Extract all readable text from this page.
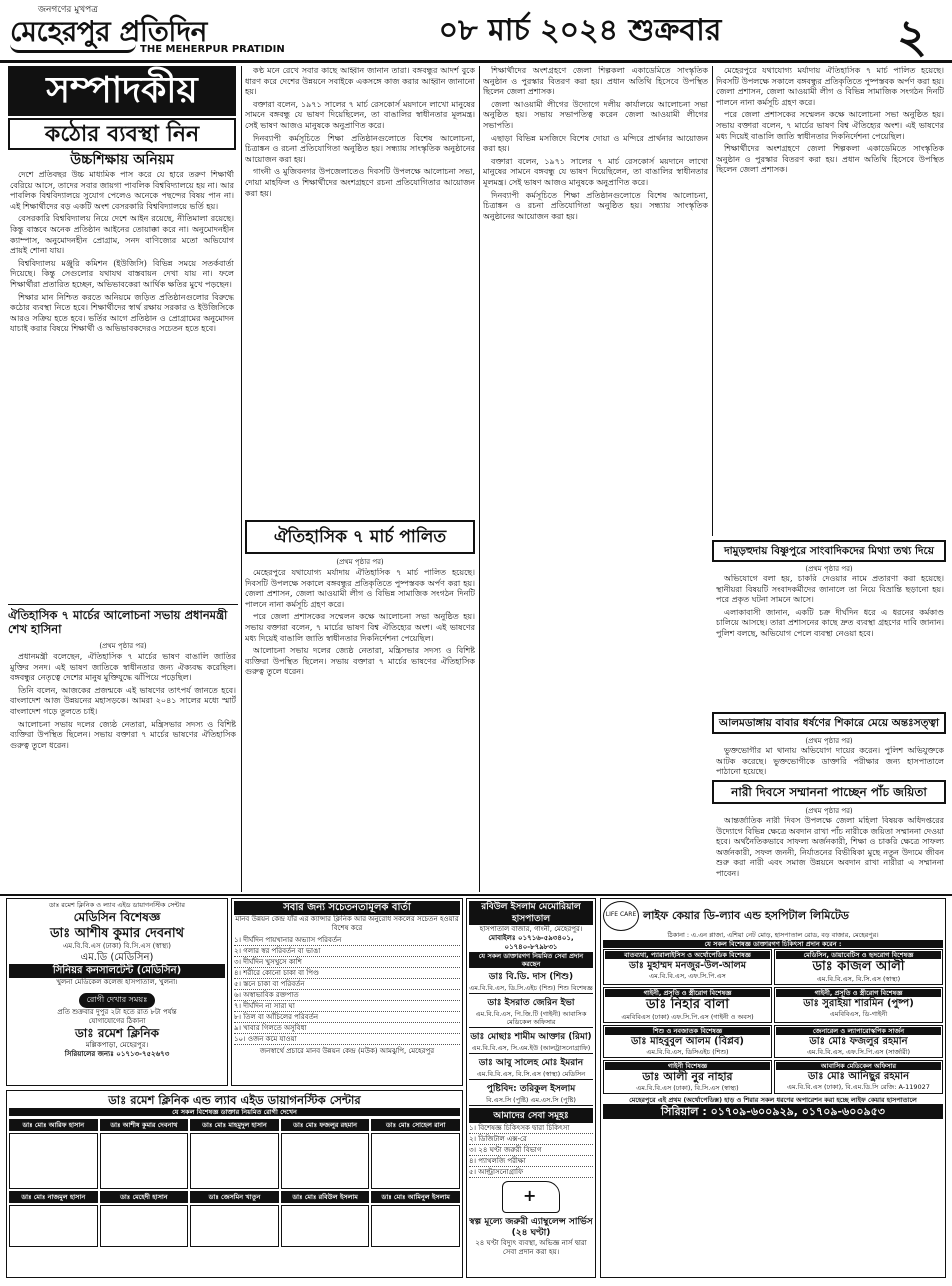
জনগণের মুখপত্র
মেহেরপুর প্রতিদিন
THE MEHERPUR PRATIDIN
০৮ মার্চ ২০২৪ শুক্রবার	২
সম্পাদকীয়
কঠোর ব্যবস্থা নিন
উচ্চশিক্ষায় অনিয়ম

দেশে প্রতিবছর উচ্চ মাধ্যমিক পাস করে যে হারে তরুণ শিক্ষার্থী বেরিয়ে আসে, তাদের সবার জায়গা পাবলিক বিশ্ববিদ্যালয়ে হয় না। আর পাবলিক বিশ্ববিদ্যালয়ে সুযোগ পেলেও অনেকে পছন্দের বিষয় পান না। এই শিক্ষার্থীদের বড় একটি অংশ বেসরকারি বিশ্ববিদ্যালয়ে ভর্তি হয়।

বেসরকারি বিশ্ববিদ্যালয় নিয়ে দেশে আইন রয়েছে, নীতিমালা রয়েছে। কিন্তু বাস্তবে অনেক প্রতিষ্ঠান আইনের তোয়াক্কা করে না। অনুমোদনহীন ক্যাম্পাস, অনুমোদনহীন প্রোগ্রাম, সনদ বাণিজ্যের মতো অভিযোগ প্রায়ই শোনা যায়।

বিশ্ববিদ্যালয় মঞ্জুরি কমিশন (ইউজিসি) বিভিন্ন সময়ে সতর্কবার্তা দিয়েছে। কিন্তু সেগুলোর যথাযথ বাস্তবায়ন দেখা যায় না। ফলে শিক্ষার্থীরা প্রতারিত হচ্ছেন, অভিভাবকেরা আর্থিক ক্ষতির মুখে পড়ছেন।

শিক্ষার মান নিশ্চিত করতে অনিয়মে জড়িত প্রতিষ্ঠানগুলোর বিরুদ্ধে কঠোর ব্যবস্থা নিতে হবে। শিক্ষার্থীদের স্বার্থ রক্ষায় সরকার ও ইউজিসিকে আরও সক্রিয় হতে হবে। ভর্তির আগে প্রতিষ্ঠান ও প্রোগ্রামের অনুমোদন যাচাই করার বিষয়ে শিক্ষার্থী ও অভিভাবকদেরও সচেতন হতে হবে।

ঐতিহাসিক ৭ মার্চের আলোচনা সভায় প্রধানমন্ত্রী শেখ হাসিনা
(প্রথম পৃষ্ঠার পর)

প্রধানমন্ত্রী বলেছেন, ঐতিহাসিক ৭ মার্চের ভাষণ বাঙালি জাতির মুক্তির সনদ। এই ভাষণ জাতিকে স্বাধীনতার জন্য ঐক্যবদ্ধ করেছিল। বঙ্গবন্ধুর নেতৃত্বে দেশের মানুষ মুক্তিযুদ্ধে ঝাঁপিয়ে পড়েছিল।

তিনি বলেন, আজকের প্রজন্মকে এই ভাষণের তাৎপর্য জানতে হবে। বাংলাদেশ আজ উন্নয়নের মহাসড়কে। আমরা ২০৪১ সালের মধ্যে স্মার্ট বাংলাদেশ গড়ে তুলতে চাই।

আলোচনা সভায় দলের জ্যেষ্ঠ নেতারা, মন্ত্রিসভার সদস্য ও বিশিষ্ট ব্যক্তিরা উপস্থিত ছিলেন। সভায় বক্তারা ৭ মার্চের ভাষণের ঐতিহাসিক গুরুত্ব তুলে ধরেন।

কণ্ঠ মনে রেখে সবার কাছে আহ্বান জানান তারা। বঙ্গবন্ধুর আদর্শ বুকে ধারণ করে দেশের উন্নয়নে সবাইকে একসঙ্গে কাজ করার আহ্বান জানানো হয়।

বক্তারা বলেন, ১৯৭১ সালের ৭ মার্চ রেসকোর্স ময়দানে লাখো মানুষের সামনে বঙ্গবন্ধু যে ভাষণ দিয়েছিলেন, তা বাঙালির স্বাধীনতার মূলমন্ত্র। সেই ভাষণ আজও মানুষকে অনুপ্রাণিত করে।

দিনব্যাপী কর্মসূচিতে শিক্ষা প্রতিষ্ঠানগুলোতে বিশেষ আলোচনা, চিত্রাঙ্কন ও রচনা প্রতিযোগিতা অনুষ্ঠিত হয়। সন্ধ্যায় সাংস্কৃতিক অনুষ্ঠানের আয়োজন করা হয়।

গাংনী ও মুজিবনগর উপজেলাতেও দিবসটি উপলক্ষে আলোচনা সভা, দোয়া মাহফিল ও শিক্ষার্থীদের অংশগ্রহণে রচনা প্রতিযোগিতার আয়োজন করা হয়।

ঐতিহাসিক ৭ মার্চ পালিত
(প্রথম পৃষ্ঠার পর)

মেহেরপুরে যথাযোগ্য মর্যাদায় ঐতিহাসিক ৭ মার্চ পালিত হয়েছে। দিবসটি উপলক্ষে সকালে বঙ্গবন্ধুর প্রতিকৃতিতে পুষ্পস্তবক অর্পণ করা হয়। জেলা প্রশাসন, জেলা আওয়ামী লীগ ও বিভিন্ন সামাজিক সংগঠন দিনটি পালনে নানা কর্মসূচি গ্রহণ করে।

পরে জেলা প্রশাসকের সম্মেলন কক্ষে আলোচনা সভা অনুষ্ঠিত হয়। সভায় বক্তারা বলেন, ৭ মার্চের ভাষণ বিশ্ব ঐতিহ্যের অংশ। এই ভাষণের মধ্য দিয়েই বাঙালি জাতি স্বাধীনতার দিকনির্দেশনা পেয়েছিল।

আলোচনা সভায় দলের জ্যেষ্ঠ নেতারা, মন্ত্রিসভার সদস্য ও বিশিষ্ট ব্যক্তিরা উপস্থিত ছিলেন। সভায় বক্তারা ৭ মার্চের ভাষণের ঐতিহাসিক গুরুত্ব তুলে ধরেন।

শিক্ষার্থীদের অংশগ্রহণে জেলা শিল্পকলা একাডেমিতে সাংস্কৃতিক অনুষ্ঠান ও পুরস্কার বিতরণ করা হয়। প্রধান অতিথি হিসেবে উপস্থিত ছিলেন জেলা প্রশাসক।

জেলা আওয়ামী লীগের উদ্যোগে দলীয় কার্যালয়ে আলোচনা সভা অনুষ্ঠিত হয়। সভায় সভাপতিত্ব করেন জেলা আওয়ামী লীগের সভাপতি।

এছাড়া বিভিন্ন মসজিদে বিশেষ দোয়া ও মন্দিরে প্রার্থনার আয়োজন করা হয়।

বক্তারা বলেন, ১৯৭১ সালের ৭ মার্চ রেসকোর্স ময়দানে লাখো মানুষের সামনে বঙ্গবন্ধু যে ভাষণ দিয়েছিলেন, তা বাঙালির স্বাধীনতার মূলমন্ত্র। সেই ভাষণ আজও মানুষকে অনুপ্রাণিত করে।

দিনব্যাপী কর্মসূচিতে শিক্ষা প্রতিষ্ঠানগুলোতে বিশেষ আলোচনা, চিত্রাঙ্কন ও রচনা প্রতিযোগিতা অনুষ্ঠিত হয়। সন্ধ্যায় সাংস্কৃতিক অনুষ্ঠানের আয়োজন করা হয়।

মেহেরপুরে যথাযোগ্য মর্যাদায় ঐতিহাসিক ৭ মার্চ পালিত হয়েছে। দিবসটি উপলক্ষে সকালে বঙ্গবন্ধুর প্রতিকৃতিতে পুষ্পস্তবক অর্পণ করা হয়। জেলা প্রশাসন, জেলা আওয়ামী লীগ ও বিভিন্ন সামাজিক সংগঠন দিনটি পালনে নানা কর্মসূচি গ্রহণ করে।

পরে জেলা প্রশাসকের সম্মেলন কক্ষে আলোচনা সভা অনুষ্ঠিত হয়। সভায় বক্তারা বলেন, ৭ মার্চের ভাষণ বিশ্ব ঐতিহ্যের অংশ। এই ভাষণের মধ্য দিয়েই বাঙালি জাতি স্বাধীনতার দিকনির্দেশনা পেয়েছিল।

শিক্ষার্থীদের অংশগ্রহণে জেলা শিল্পকলা একাডেমিতে সাংস্কৃতিক অনুষ্ঠান ও পুরস্কার বিতরণ করা হয়। প্রধান অতিথি হিসেবে উপস্থিত ছিলেন জেলা প্রশাসক।

দামুড়হুদায় বিষ্ণুপুরে সাংবাদিকদের মিথ্যা তথ্য দিয়ে
(প্রথম পৃষ্ঠার পর)

অভিযোগে বলা হয়, চাকরি দেওয়ার নামে প্রতারণা করা হয়েছে। স্থানীয়রা বিষয়টি সংবাদকর্মীদের জানালে তা নিয়ে বিভ্রান্তি ছড়ানো হয়। পরে প্রকৃত ঘটনা সামনে আসে।

এলাকাবাসী জানান, একটি চক্র দীর্ঘদিন ধরে এ ধরনের কর্মকাণ্ড চালিয়ে আসছে। তারা প্রশাসনের কাছে দ্রুত ব্যবস্থা গ্রহণের দাবি জানান। পুলিশ বলছে, অভিযোগ পেলে ব্যবস্থা নেওয়া হবে।

আলমডাঙ্গায় বাবার ধর্ষণের শিকারে মেয়ে অন্তঃসত্ত্বা
(প্রথম পৃষ্ঠার পর)

ভুক্তভোগীর মা থানায় অভিযোগ দায়ের করেন। পুলিশ অভিযুক্তকে আটক করেছে। ভুক্তভোগীকে ডাক্তারি পরীক্ষার জন্য হাসপাতালে পাঠানো হয়েছে।

নারী দিবসে সম্মাননা পাচ্ছেন পাঁচ জয়িতা
(প্রথম পৃষ্ঠার পর)

আন্তর্জাতিক নারী দিবস উপলক্ষে জেলা মহিলা বিষয়ক অধিদপ্তরের উদ্যোগে বিভিন্ন ক্ষেত্রে অবদান রাখা পাঁচ নারীকে জয়িতা সম্মাননা দেওয়া হবে। অর্থনৈতিকভাবে সাফল্য অর্জনকারী, শিক্ষা ও চাকরি ক্ষেত্রে সাফল্য অর্জনকারী, সফল জননী, নির্যাতনের বিভীষিকা মুছে নতুন উদ্যমে জীবন শুরু করা নারী এবং সমাজ উন্নয়নে অবদান রাখা নারীরা এ সম্মাননা পাবেন।

ডাঃ রমেশ ক্লিনিক ও ল্যাব এইড ডায়াগনস্টিক সেন্টার
মেডিসিন বিশেষজ্ঞ
ডাঃ আশীষ কুমার দেবনাথ
এম.বি.বি.এস (ঢাকা) বি.সি.এস (স্বাস্থ্য)
এম.ডি (মেডিসিন)
সিনিয়র কনসালটেন্ট (মেডিসিন)
খুলনা মেডিকেল কলেজ হাসপাতাল, খুলনা।
রোগী দেখার সময়ঃ
প্রতি শুক্রবার দুপুর ২টা হতে রাত ৮টা পর্যন্ত
যোগাযোগের ঠিকানা
ডাঃ রমেশ ক্লিনিক
মল্লিকপাড়া, মেহেরপুর।
সিরিয়ালের জন্যঃ ০১৭১৩-৭৫২৬৭৩
সবার জন্য সচেতনতামূলক বার্তা
মানব উন্নয়ন কেন্দ্র যাঁর এর ক্যান্সার ক্লিনিক আর অনুরোধ সকলের সচেতন হওয়ার বিশেষ করে
১। দীর্ঘদিন পায়খানার অভ্যাস পরিবর্তন
২। গলার স্বর পরিবর্তন বা ভাঙা
৩। দীর্ঘদিন খুসখুসে কাশি
৪। শরীরে কোনো চাকা বা পিণ্ড
৫। স্তনে চাকা বা পরিবর্তন
৬। অস্বাভাবিক রক্তপাত
৭। দীর্ঘদিন না সারা ঘা
৮। তিল বা আঁচিলের পরিবর্তন
৯। খাবার গিলতে অসুবিধা
১০। ওজন কমে যাওয়া
জনস্বার্থে প্রচারে মানব উন্নয়ন কেন্দ্র (মউক) আমঝুপি, মেহেরপুর
রবিউল ইসলাম মেমোরিয়াল হাসপাতাল
হাসপাতাল বাজার, গাংনী, মেহেরপুর।
মোবাইলঃ ০১৭১৬-৫৯৩৪০১, ০১৭৪০-৮৭৯৮৩১
যে সকল ডাক্তারগণ নিয়মিত সেবা প্রদান করছেন
ডাঃ বি.ডি. দাস (শিশু)
এম.বি.বি.এস, ডি.সি.এইচ (শিশু) শিশু বিশেষজ্ঞ
ডাঃ ইসরাত জেরিন ইভা
এম.বি.বি.এস, পি.জি.টি (গাইনী) আবাসিক মেডিকেল অফিসার
ডাঃ মোছাঃ শামীম আক্তার (রিমা)
এম.বি.বি.এস, সি.এম.ইউ (আলট্রাসনোগ্রাফি)
ডাঃ আবু সালেহ মোঃ ইমরান
এম.বি.বি.এস, বি.সি.এস (স্বাস্থ্য) মেডিসিন
পুষ্টিবিদ: তরিকুল ইসলাম
বি.এস.সি (পুষ্টি) এম.এস.সি (পুষ্টি)
আমাদের সেবা সমূহঃ
১। বিশেষজ্ঞ চিকিৎসক দ্বারা চিকিৎসা
২। ডিজিটাল এক্স-রে
৩। ২৪ ঘণ্টা জরুরী বিভাগ
৪। প্যাথলজি পরীক্ষা
৫। আল্ট্রাসনোগ্রাফি
+
স্বল্প মূল্যে জরুরী এ্যাম্বুলেন্স সার্ভিস (২৪ ঘণ্টা)
২৪ ঘণ্টা বিদ্যুৎ ব্যবস্থা, অভিজ্ঞ নার্স দ্বারা সেবা প্রদান করা হয়।
LIFE CARE লাইফ কেয়ার ডি-ল্যাব এন্ড হসপিটাল লিমিটেড
ঠিকানা : এ.এন প্লাজা, এশিয়া নেট মোড়, হাসপাতাল রোড, বড় বাজার, মেহেরপুর।
যে সকল বিশেষজ্ঞ ডাক্তারগণ চিকিৎসা প্রদান করেন :
বাতব্যথা, প্যারালাইসিস ও অর্থোপেডিক বিশেষজ্ঞ
ডাঃ মুহাম্মদ মনজুর-উল-আলম
এম.বি.বি.এস, এফ.সি.পি.এস
মেডিসিন, ডায়াবেটিস ও হৃদরোগ বিশেষজ্ঞ
ডাঃ কাজল আলী
এম.বি.বি.এস, বি.সি.এস (স্বাস্থ্য)
গাইনী, প্রসূতি ও স্ত্রীরোগ বিশেষজ্ঞ
ডাঃ নিহার বালা
এমবিবিএস (ঢাকা) এফ.সি.পি.এস (গাইনী ও অবস)
গাইনী, প্রসূতি ও স্ত্রীরোগ বিশেষজ্ঞ
ডাঃ সুরাইয়া শারমিন (পুষ্প)
এমবিবিএস, ডি-গাইনী
শিশু ও নবজাতক বিশেষজ্ঞ
ডাঃ মাহবুবুল আলম (বিপ্লব)
এম.বি.বি.এস, ডিসিএইচ (শিশু)
জেনারেল ও ল্যাপারোস্কপিক সার্জন
ডাঃ মোঃ ফজলুর রহমান
এম.বি.বি.এস, এফ.সি.পি.এস (সার্জারী)
গাইনী বিশেষজ্ঞ
ডাঃ আলী নুর নাহার
এম.বি.বি.এস (ঢাকা), বি.সি.এস (স্বাস্থ্য)
আবাসিক মেডিকেল অফিসার
ডাঃ মোঃ আনিছুর রহমান
এম.বি.বি.এস (ঢাকা), বি.এম.ডি.সি রেজি: A-119027
মেহেরপুরে এই প্রথম (অর্থোপেডিক্স) হাড় ও শিরার সকল ধরণের অপারেশন করা হচ্ছে লাইফ কেয়ার হাসপাতালে
সিরিয়াল : ০১৭০৯-৬০০৯২৯, ০১৭০৯-৬০০৯৫৩
ডাঃ রমেশ ক্লিনিক এন্ড ল্যাব এইড ডায়াগনস্টিক সেন্টার
যে সকল বিশেষজ্ঞ ডাক্তার নিয়মিত রোগী দেখেন
ডাঃ মোঃ আরিফ হাসান	ডাঃ আশীষ কুমার দেবনাথ	ডাঃ মোঃ মাহমুদুল হাসান	ডাঃ মোঃ ফজলুর রহমান	ডাঃ মোঃ সোহেল রানা
ডাঃ মোঃ নাজমুল হাসান	ডাঃ মেহেদী হাসান	ডাঃ জেসমিন খাতুন	ডাঃ মোঃ রবিউল ইসলাম	ডাঃ মোঃ আমিনুল ইসলাম
